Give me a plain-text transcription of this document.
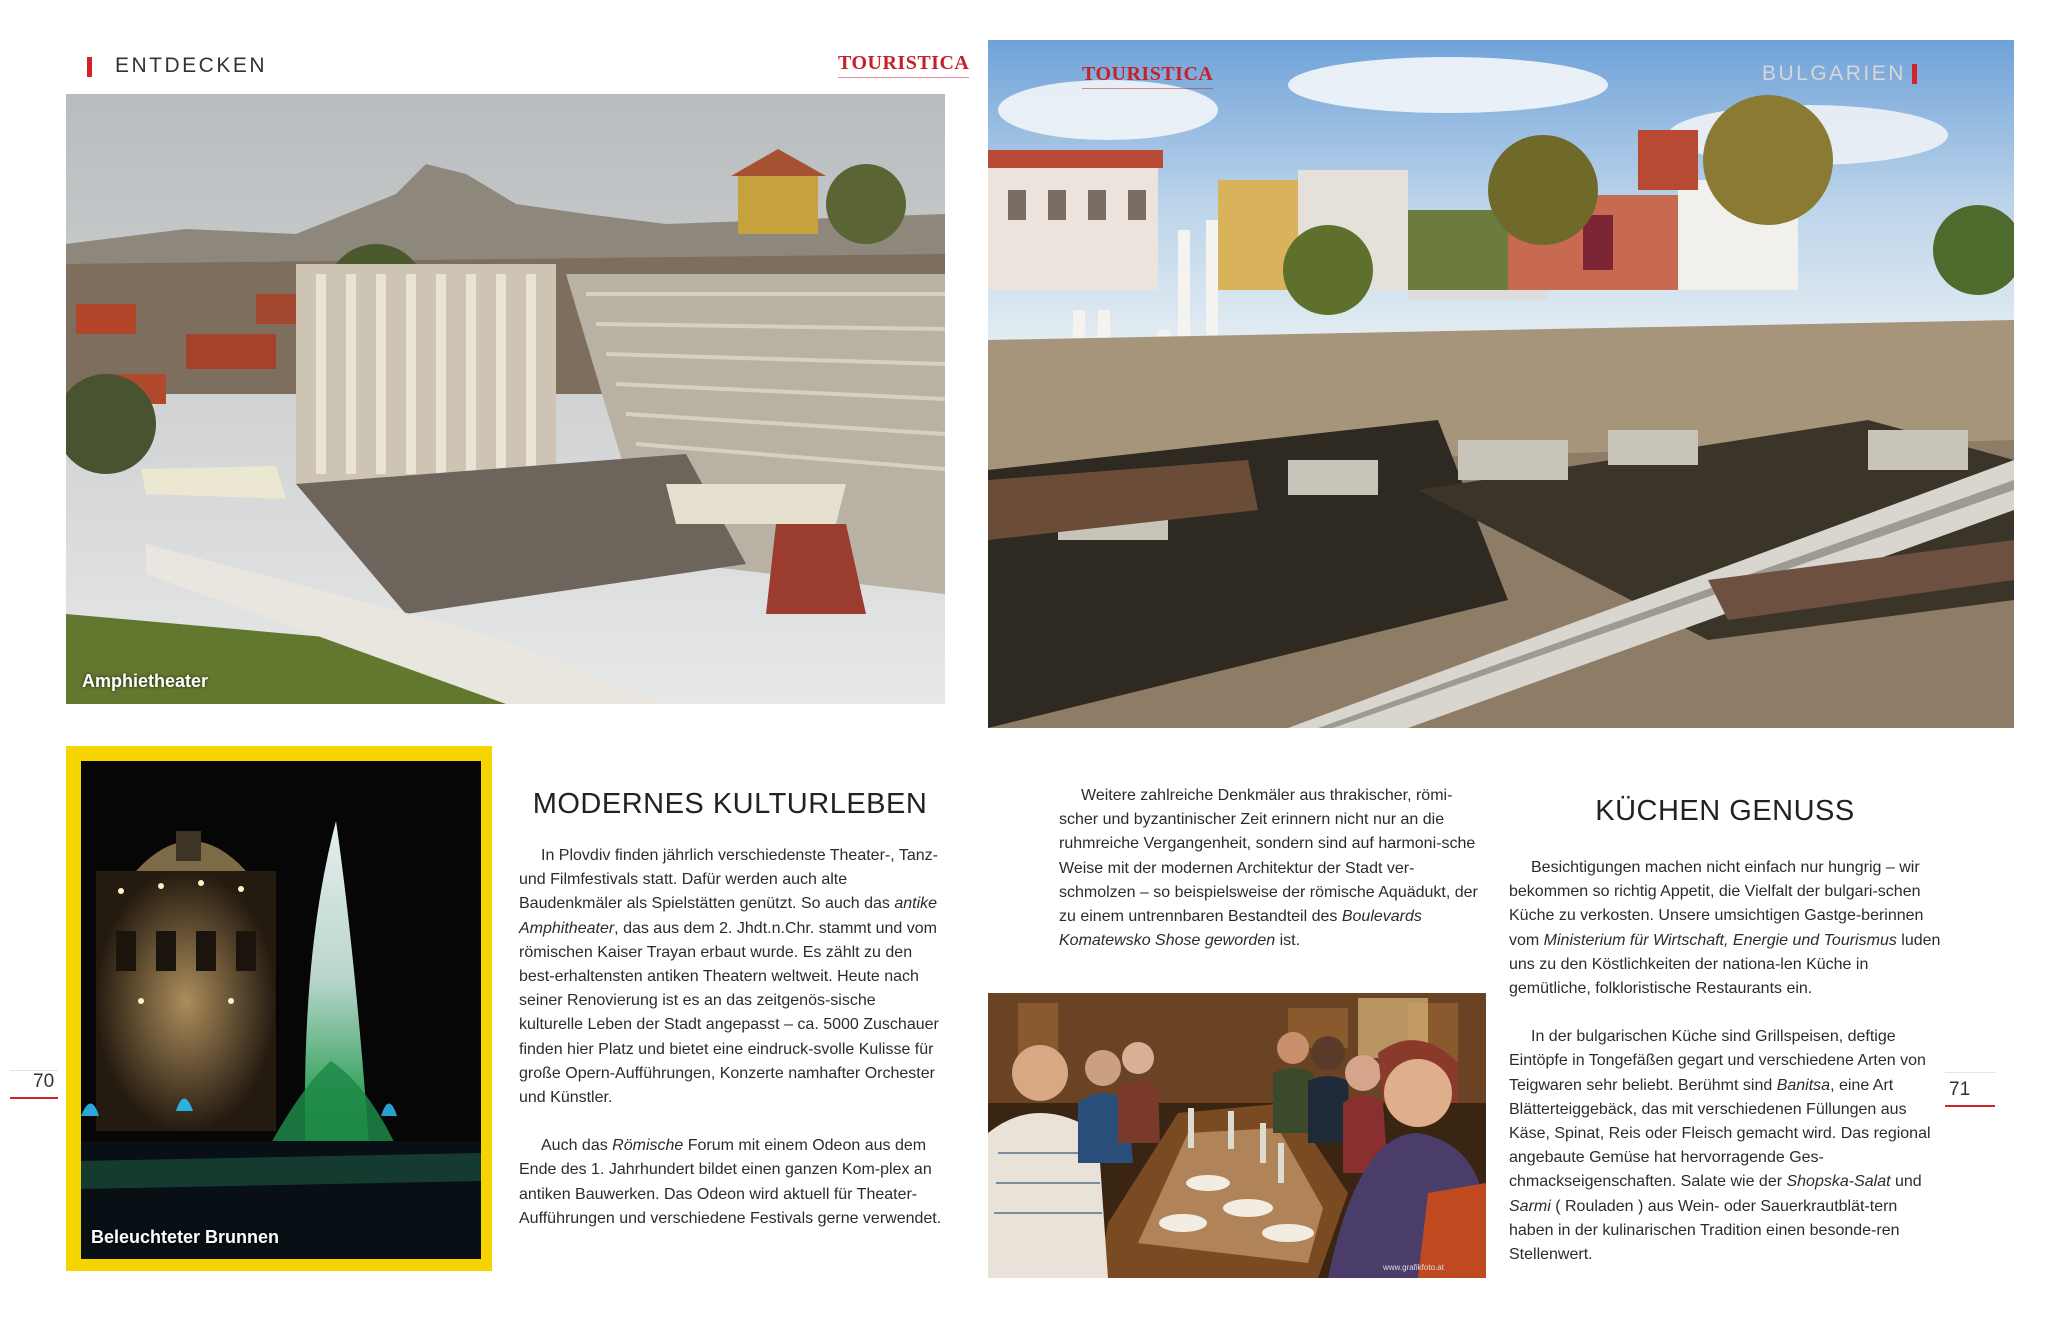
ENTDECKEN	TOURISTICA
Amphietheater
Beleuchteter Brunnen
MODERNES KULTURLEBEN

In Plovdiv finden jährlich verschiedenste Theater-, Tanz- und Filmfestivals statt. Dafür werden auch alte Baudenkmäler als Spielstätten genützt. So auch das antike Amphitheater, das aus dem 2. Jhdt.n.Chr. stammt und vom römischen Kaiser Trayan erbaut wurde. Es zählt zu den best-erhaltensten antiken Theatern weltweit. Heute nach seiner Renovierung ist es an das zeitgenös-sische kulturelle Leben der Stadt angepasst – ca. 5000 Zuschauer finden hier Platz und bietet eine eindruck-svolle Kulisse für große Opern-Aufführungen, Konzerte namhafter Orchester und Künstler.

Auch das Römische Forum mit einem Odeon aus dem Ende des 1. Jahrhundert bildet einen ganzen Kom-plex an antiken Bauwerken. Das Odeon wird aktuell für Theater-Aufführungen und verschiedene Festivals gerne verwendet.

70
TOURISTICA	BULGARIEN

Weitere zahlreiche Denkmäler aus thrakischer, römi-scher und byzantinischer Zeit erinnern nicht nur an die ruhmreiche Vergangenheit, sondern sind auf harmoni-sche Weise mit der modernen Architektur der Stadt ver-schmolzen – so beispielsweise der römische Aquädukt, der zu einem untrennbaren Bestandteil des Boulevards Komatewsko Shose geworden ist.

www.grafikfoto.at
KÜCHEN GENUSS

Besichtigungen machen nicht einfach nur hungrig – wir bekommen so richtig Appetit, die Vielfalt der bulgari-schen Küche zu verkosten. Unsere umsichtigen Gastge-berinnen vom Ministerium für Wirtschaft, Energie und Tourismus luden uns zu den Köstlichkeiten der nationa-len Küche in gemütliche, folkloristische Restaurants ein.

In der bulgarischen Küche sind Grillspeisen, deftige Eintöpfe in Tongefäßen gegart und verschiedene Arten von Teigwaren sehr beliebt. Berühmt sind Banitsa, eine Art Blätterteiggebäck, das mit verschiedenen Füllungen aus Käse, Spinat, Reis oder Fleisch gemacht wird. Das regional angebaute Gemüse hat hervorragende Ges-chmackseigenschaften. Salate wie der Shopska-Salat und Sarmi ( Rouladen ) aus Wein- oder Sauerkrautblät-tern haben in der kulinarischen Tradition einen besonde-ren Stellenwert.

71
